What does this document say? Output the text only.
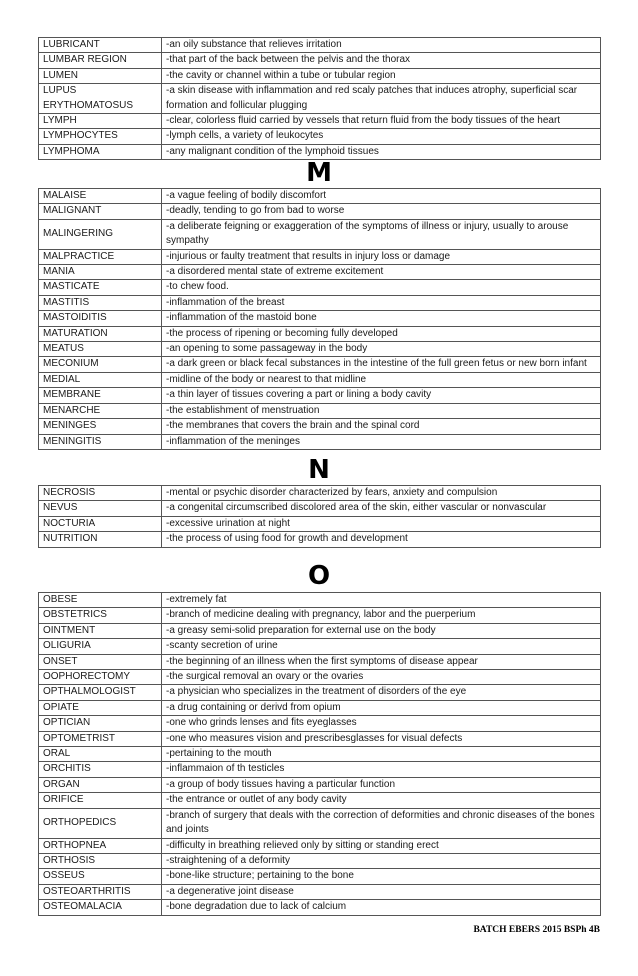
LUBRICANT	-an oily substance that relieves irritation
LUMBAR REGION	-that part of the back between the pelvis and the thorax
LUMEN	-the cavity or channel within a tube or tubular region
LUPUS ERYTHOMATOSUS	-a skin disease with inflammation and red scaly patches that induces atrophy, superficial scar formation and follicular plugging
LYMPH	-clear, colorless fluid carried by vessels that return fluid from the body tissues of the heart
LYMPHOCYTES	-lymph cells, a variety of leukocytes
LYMPHOMA	-any malignant condition of the lymphoid tissues
M
MALAISE	-a vague feeling of bodily discomfort
MALIGNANT	-deadly, tending to go from bad to worse
MALINGERING	-a deliberate feigning or exaggeration of the symptoms of illness or injury, usually to arouse sympathy
MALPRACTICE	-injurious or faulty treatment that results in injury loss or damage
MANIA	-a disordered mental state of extreme excitement
MASTICATE	-to chew food.
MASTITIS	-inflammation of the breast
MASTOIDITIS	-inflammation of the mastoid bone
MATURATION	-the process of ripening or becoming fully developed
MEATUS	-an opening to some passageway in the body
MECONIUM	-a dark green or black fecal substances in the intestine of the full green fetus or new born infant
MEDIAL	-midline of the body or nearest to that midline
MEMBRANE	-a thin layer of tissues covering a part or lining a body cavity
MENARCHE	-the establishment of menstruation
MENINGES	-the membranes that covers the brain and the spinal cord
MENINGITIS	-inflammation of the meninges
N
NECROSIS	-mental or psychic disorder characterized by fears, anxiety and compulsion
NEVUS	-a congenital circumscribed discolored area of the skin, either vascular or nonvascular
NOCTURIA	-excessive urination at night
NUTRITION	-the process of using food for growth and development
O
OBESE	-extremely fat
OBSTETRICS	-branch of medicine dealing with pregnancy, labor and the puerperium
OINTMENT	-a greasy semi-solid preparation for external use on the body
OLIGURIA	-scanty secretion of urine
ONSET	-the beginning of an illness when the first symptoms of disease appear
OOPHORECTOMY	-the surgical removal an ovary or the ovaries
OPTHALMOLOGIST	-a physician who specializes in the treatment of disorders of the eye
OPIATE	-a drug containing or derivd from opium
OPTICIAN	-one who grinds lenses and fits eyeglasses
OPTOMETRIST	-one who measures vision and prescribesglasses for visual defects
ORAL	-pertaining to the mouth
ORCHITIS	-inflammaion of th testicles
ORGAN	-a group of body tissues having a particular function
ORIFICE	-the entrance or outlet of any body cavity
ORTHOPEDICS	-branch of surgery that deals with the correction of deformities and chronic diseases of the bones and joints
ORTHOPNEA	-difficulty in breathing relieved only by sitting or standing erect
ORTHOSIS	-straightening of a deformity
OSSEUS	-bone-like structure; pertaining to the bone
OSTEOARTHRITIS	-a degenerative joint disease
OSTEOMALACIA	-bone degradation due to lack of calcium
BATCH EBERS 2015 BSPh 4B
